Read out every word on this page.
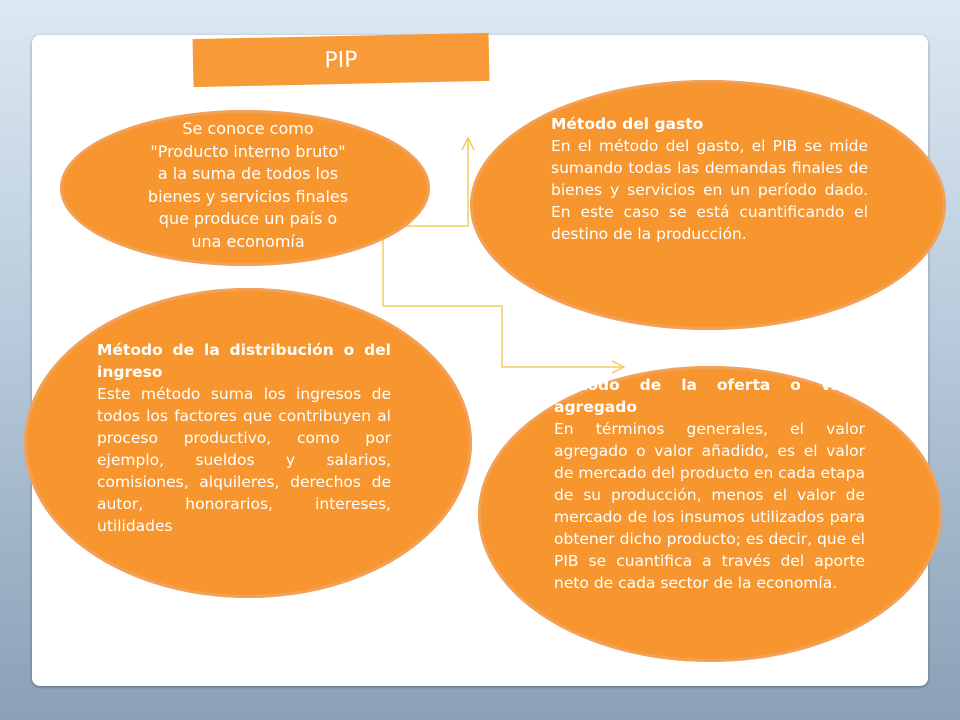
PIP
Se conoce como
"Producto interno bruto"
a la suma de todos los
bienes y servicios finales
que produce un país o
una economía
Método del gasto
En el método del gasto, el PIB se mide sumando todas las demandas finales de bienes y servicios en un período dado. En este caso se está cuantificando el destino de la producción.
Método de la distribución o del ingreso
Este método suma los ingresos de todos los factores que contribuyen al proceso productivo, como por ejemplo, sueldos y salarios, comisiones, alquileres, derechos de autor, honorarios, intereses, utilidades
Método de la oferta o valor agregado
En términos generales, el valor agregado o valor añadido, es el valor de mercado del producto en cada etapa de su producción, menos el valor de mercado de los insumos utilizados para obtener dicho producto; es decir, que el PIB se cuantifica a través del aporte neto de cada sector de la economía.
